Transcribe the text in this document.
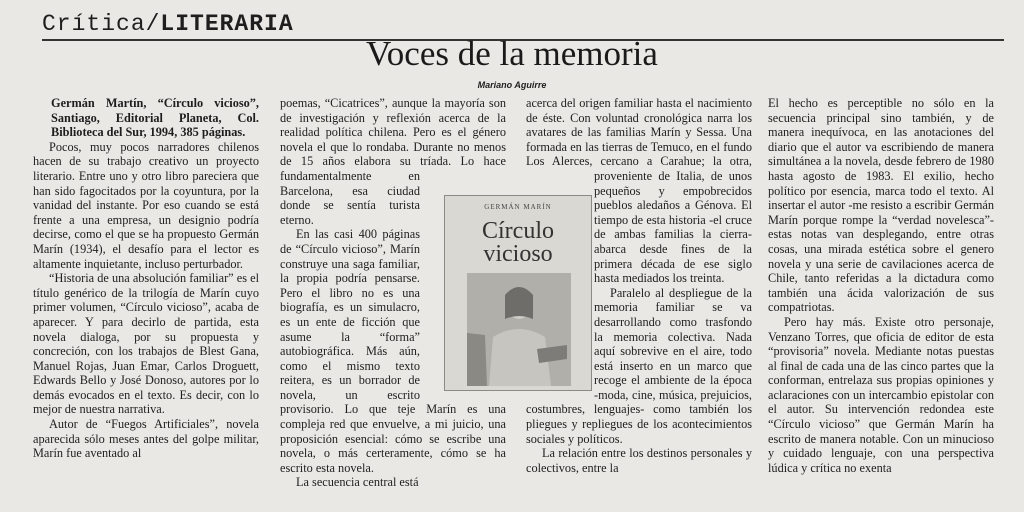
Crítica/LITERARIA
Voces de la memoria
Mariano Aguirre

Germán Martín, “Círculo vicioso”, Santiago, Editorial Planeta, Col. Biblioteca del Sur, 1994, 385 páginas.

Pocos, muy pocos narradores chilenos hacen de su trabajo creativo un proyecto literario. Entre uno y otro libro pareciera que han sido fagocitados por la coyuntura, por la vanidad del instante. Por eso cuando se está frente a una empresa, un designio podría decirse, como el que se ha propuesto Germán Marín (1934), el desafío para el lector es altamente inquietante, incluso perturbador.

“Historia de una absolución familiar” es el título genérico de la trilogía de Marín cuyo primer volumen, “Círculo vicioso”, acaba de aparecer. Y para decirlo de partida, esta novela dialoga, por su propuesta y concreción, con los trabajos de Blest Gana, Manuel Rojas, Juan Emar, Carlos Droguett, Edwards Bello y José Donoso, autores por lo demás evocados en el texto. Es decir, con lo mejor de nuestra narrativa.

Autor de “Fuegos Artificiales”, novela aparecida sólo meses antes del golpe militar, Marín fue aventado al

poemas, “Cicatrices”, aunque la mayoría son de investigación y reflexión acerca de la realidad política chilena. Pero es el género novela el que lo rondaba. Durante no menos de 15 años elabora su tríada. Lo hace fundamentalmente en Barcelona, esa ciudad donde se sentía turista eterno.

En las casi 400 páginas de “Círculo vicioso”, Marín construye una saga familiar, la propia podría pensarse. Pero el libro no es una biografía, es un simulacro, es un ente de ficción que asume la “forma” autobiográfica. Más aún, como el mismo texto reitera, es un borrador de novela, un escrito provisorio. Lo que teje Marín es una compleja red que envuelve, a mi juicio, una proposición esencial: cómo se escribe una novela, o más certeramente, cómo se ha escrito esta novela.

La secuencia central está

acerca del origen familiar hasta el nacimiento de éste. Con voluntad cronológica narra los avatares de las familias Marín y Sessa. Una formada en las tierras de Temuco, en el fundo Los Alerces, cercano a Carahue; la otra, proveniente de Italia, de unos pequeños y empobrecidos pueblos aledaños a Génova. El tiempo de esta historia -el cruce de ambas familias la cierra- abarca desde fines de la primera década de ese siglo hasta mediados los treinta.

Paralelo al despliegue de la memoria familiar se va desarrollando como trasfondo la memoria colectiva. Nada aquí sobrevive en el aire, todo está inserto en un marco que recoge el ambiente de la época -moda, cine, música, prejuicios, costumbres, lenguajes- como también los pliegues y repliegues de los acontecimientos sociales y políticos.

La relación entre los destinos personales y colectivos, entre la

El hecho es perceptible no sólo en la secuencia principal sino también, y de manera inequívoca, en las anotaciones del diario que el autor va escribiendo de manera simultánea a la novela, desde febrero de 1980 hasta agosto de 1983. El exilio, hecho político por esencia, marca todo el texto. Al insertar el autor -me resisto a escribir Germán Marín porque rompe la “verdad novelesca”- estas notas van desplegando, entre otras cosas, una mirada estética sobre el genero novela y una serie de cavilaciones acerca de Chile, tanto referidas a la dictadura como también una ácida valorización de sus compatriotas.

Pero hay más. Existe otro personaje, Venzano Torres, que oficia de editor de esta “provisoria” novela. Mediante notas puestas al final de cada una de las cinco partes que la conforman, entrelaza sus propias opiniones y aclaraciones con un intercambio epistolar con el autor. Su intervención redondea este “Círculo vicioso” que Germán Marín ha escrito de manera notable. Con un minucioso y cuidado lenguaje, con una perspectiva lúdica y crítica no exenta

GERMÁN MARÍN
Círculo
vicioso
